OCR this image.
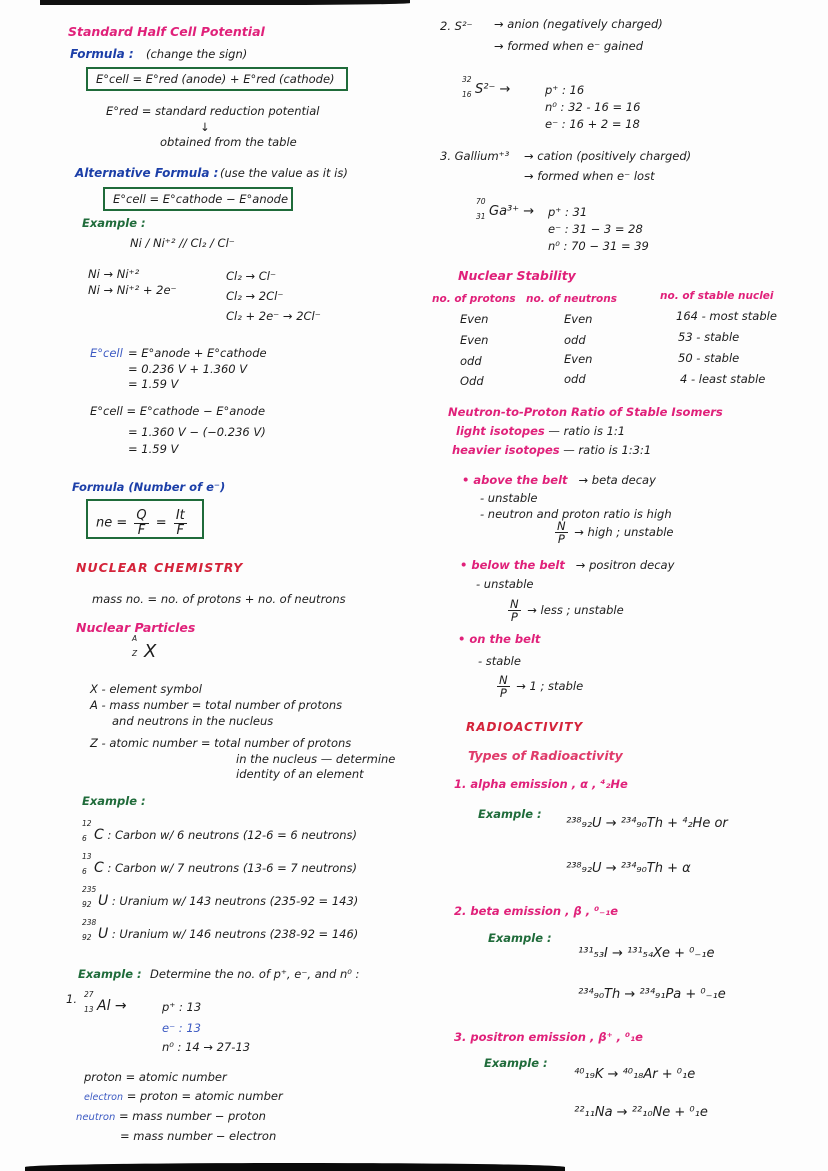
Standard Half Cell Potential
Formula : (change the sign)
E°cell = E°red (anode) + E°red (cathode)
E°red = standard reduction potential
↓
obtained from the table
Alternative Formula : (use the value as it is)
E°cell = E°cathode − E°anode
Example :
Ni / Ni⁺² // Cl₂ / Cl⁻
Ni → Ni⁺²
Ni → Ni⁺² + 2e⁻
Cl₂ → Cl⁻
Cl₂ → 2Cl⁻
Cl₂ + 2e⁻ → 2Cl⁻
E°cell = E°anode + E°cathode
= 0.236 V + 1.360 V
= 1.59 V
E°cell = E°cathode − E°anode
= 1.360 V − (−0.236 V)
= 1.59 V
Formula (Number of e⁻)
ne = $\frac{Q}{F} = \frac{It}{F}$
NUCLEAR CHEMISTRY
mass no. = no. of protons + no. of neutrons
Nuclear Particles
A
Z X
X - element symbol
A - mass number = total number of protons
and neutrons in the nucleus
Z - atomic number = total number of protons
in the nucleus — determine
identity of an element
Example :
12
6 C : Carbon w/ 6 neutrons (12-6 = 6 neutrons)
13
6 C : Carbon w/ 7 neutrons (13-6 = 7 neutrons)
235
92 U : Uranium w/ 143 neutrons (235-92 = 143)
238
92 U : Uranium w/ 146 neutrons (238-92 = 146)
Example : Determine the no. of p⁺, e⁻, and n⁰ :
1. 27
13 Al →	p⁺ : 13
e⁻ : 13
n⁰ : 14 → 27-13
proton = atomic number
electron = proton = atomic number
neutron = mass number − proton
= mass number − electron
2. S²⁻ → anion (negatively charged)
→ formed when e⁻ gained
32
16 S²⁻ →	p⁺ : 16
n⁰ : 32 - 16 = 16
e⁻ : 16 + 2 = 18
3. Gallium⁺³ → cation (positively charged)
→ formed when e⁻ lost
70
31 Ga³⁺ → p⁺ : 31
e⁻ : 31 − 3 = 28
n⁰ : 70 − 31 = 39
Nuclear Stability
no. of protons no. of neutrons	no. of stable nuclei
Even	Even	164 - most stable
Even	odd	53 - stable
odd	Even	50 - stable
Odd	odd	4 - least stable
Neutron-to-Proton Ratio of Stable Isomers
light isotopes — ratio is 1:1
heavier isotopes — ratio is 1:3:1
• above the belt → beta decay
- unstable
- neutron and proton ratio is high
$\frac{N}{P}$ → high ; unstable
• below the belt → positron decay
- unstable
$\frac{N}{P}$ → less ; unstable
• on the belt
- stable
$\frac{N}{P} \to 1$ ; stable
RADIOACTIVITY
Types of Radioactivity
1. alpha emission , α , ⁴₂He
Example :
²³⁸₉₂U → ²³⁴₉₀Th + ⁴₂He or
²³⁸₉₂U → ²³⁴₉₀Th + α
2. beta emission , β , ⁰₋₁e
Example :
¹³¹₅₃I → ¹³¹₅₄Xe + ⁰₋₁e
²³⁴₉₀Th → ²³⁴₉₁Pa + ⁰₋₁e
3. positron emission , β⁺ , ⁰₁e
Example :
⁴⁰₁₉K → ⁴⁰₁₈Ar + ⁰₁e
²²₁₁Na → ²²₁₀Ne + ⁰₁e
